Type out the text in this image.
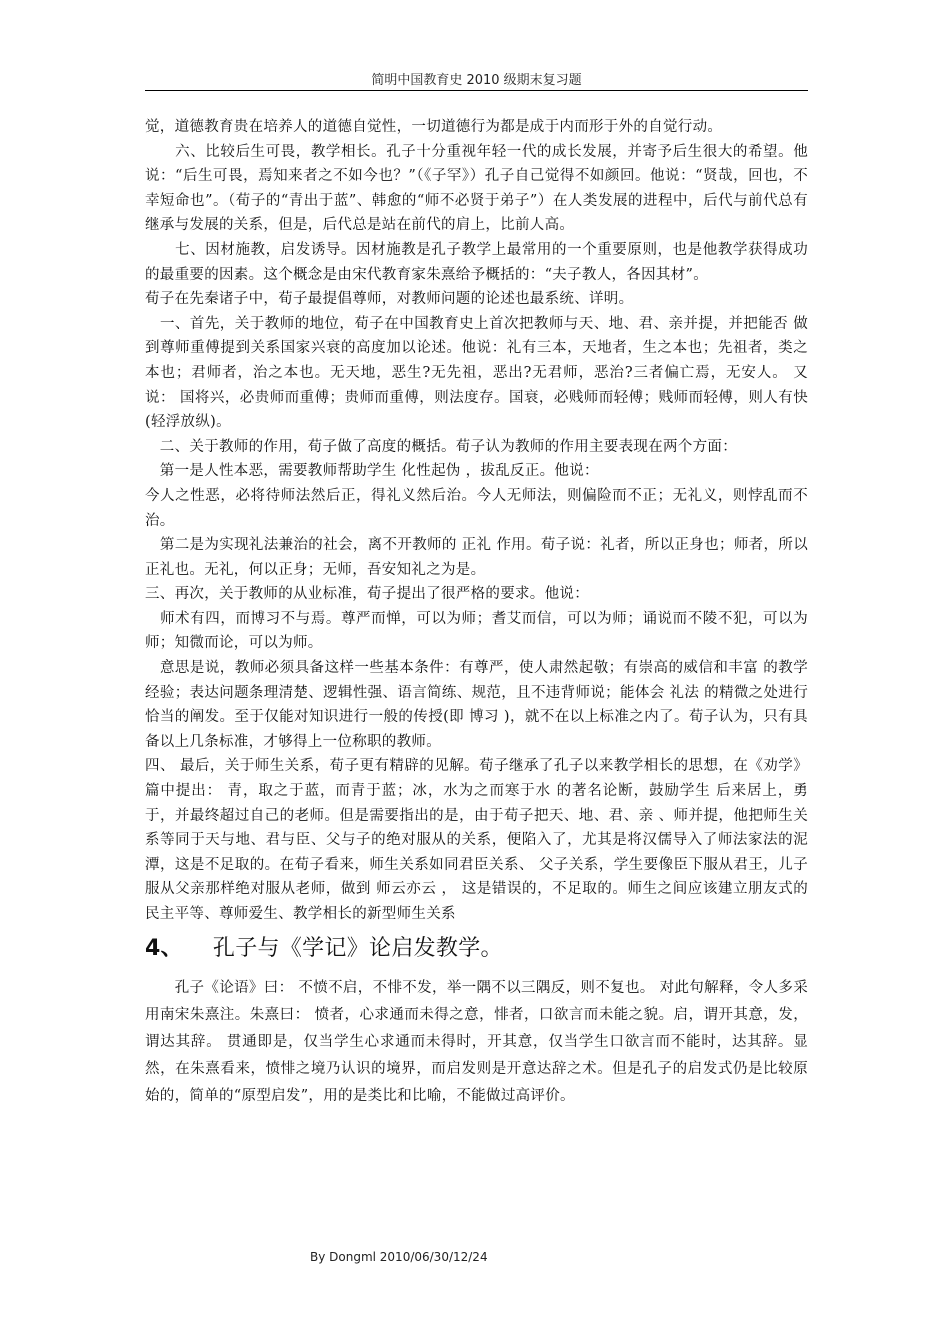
简明中国教育史 2010 级期末复习题

觉，道德教育贵在培养人的道德自觉性，一切道德行为都是成于内而形于外的自觉行动。

　　六、比较后生可畏，教学相长。孔子十分重视年轻一代的成长发展，并寄予后生很大的希望。他说：“后生可畏，焉知来者之不如今也？”（《子罕》）孔子自己觉得不如颜回。他说：“贤哉，回也，不幸短命也”。（荀子的“青出于蓝”、韩愈的“师不必贤于弟子”）在人类发展的进程中，后代与前代总有继承与发展的关系，但是，后代总是站在前代的肩上，比前人高。

　　七、因材施教，启发诱导。因材施教是孔子教学上最常用的一个重要原则，也是他教学获得成功的最重要的因素。这个概念是由宋代教育家朱熹给予概括的：“夫子教人，各因其材”。

荀子在先秦诸子中，荀子最提倡尊师，对教师问题的论述也最系统、详明。

　一、首先，关于教师的地位，荀子在中国教育史上首次把教师与天、地、君、亲并提，并把能否 做到尊师重傅提到关系国家兴衰的高度加以论述。他说：礼有三本，天地者，生之本也；先祖者，类之本也；君师者，治之本也。无天地，恶生?无先祖，恶出?无君师，恶治?三者偏亡焉，无安人。 又说： 国将兴，必贵师而重傅；贵师而重傅，则法度存。国衰，必贱师而轻傅；贱师而轻傅，则人有快(轻浮放纵)。

　二、关于教师的作用，荀子做了高度的概括。荀子认为教师的作用主要表现在两个方面：

　第一是人性本恶，需要教师帮助学生 化性起伪 ，拔乱反正。他说：

今人之性恶，必将待师法然后正，得礼义然后治。今人无师法，则偏险而不正；无礼义，则悖乱而不治。

　第二是为实现礼法兼治的社会，离不开教师的 正礼 作用。荀子说：礼者，所以正身也；师者，所以正礼也。无礼，何以正身；无师，吾安知礼之为是。

三、再次，关于教师的从业标准，荀子提出了很严格的要求。他说：

　师术有四，而博习不与焉。尊严而惮，可以为师；耆艾而信，可以为师；诵说而不陵不犯，可以为师；知微而论，可以为师。

　意思是说，教师必须具备这样一些基本条件：有尊严，使人肃然起敬；有崇高的威信和丰富 的教学经验；表达问题条理清楚、逻辑性强、语言简练、规范，且不违背师说；能体会 礼法 的精微之处进行恰当的阐发。至于仅能对知识进行一般的传授(即 博习 )，就不在以上标准之内了。荀子认为，只有具备以上几条标准，才够得上一位称职的教师。

四、 最后，关于师生关系，荀子更有精辟的见解。荀子继承了孔子以来教学相长的思想，在《劝学》篇中提出： 青，取之于蓝，而青于蓝；冰，水为之而寒于水 的著名论断，鼓励学生 后来居上，勇于，并最终超过自己的老师。但是需要指出的是，由于荀子把天、地、君、亲 、师并提，他把师生关系等同于天与地、君与臣、父与子的绝对服从的关系，便陷入了，尤其是将汉儒导入了师法家法的泥潭，这是不足取的。在荀子看来，师生关系如同君臣关系、 父子关系，学生要像臣下服从君王，儿子服从父亲那样绝对服从老师，做到 师云亦云 ， 这是错误的，不足取的。师生之间应该建立朋友式的民主平等、尊师爱生、教学相长的新型师生关系

4、 孔子与《学记》论启发教学。

　　孔子《论语》曰： 不愤不启，不悱不发，举一隅不以三隅反，则不复也。 对此句解释，令人多采用南宋朱熹注。朱熹曰： 愤者，心求通而未得之意，悱者，口欲言而未能之貌。启，谓开其意，发，谓达其辞。 贯通即是，仅当学生心求通而未得时，开其意，仅当学生口欲言而不能时，达其辞。显然，在朱熹看来，愤悱之境乃认识的境界，而启发则是开意达辞之术。但是孔子的启发式仍是比较原始的，简单的“原型启发”，用的是类比和比喻，不能做过高评价。

By Dongml 2010/06/30/12/24
